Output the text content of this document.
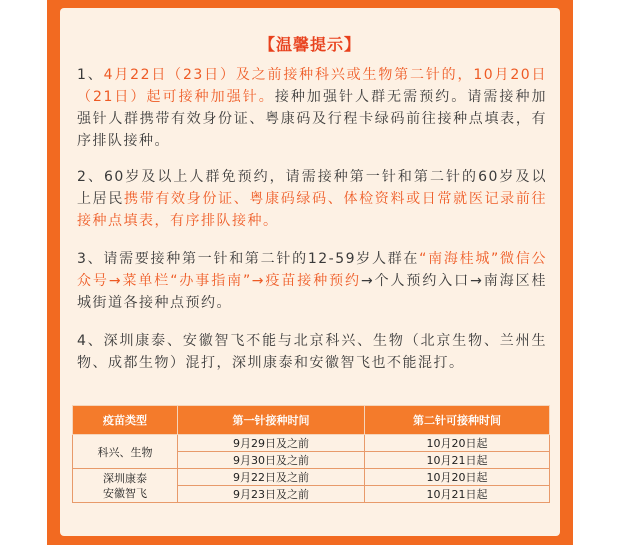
【温馨提示】

1、4月22日（23日）及之前接种科兴或生物第二针的，10月20日（21日）起可接种加强针。接种加强针人群无需预约。请需接种加强针人群携带有效身份证、粤康码及行程卡绿码前往接种点填表，有序排队接种。

2、60岁及以上人群免预约，请需接种第一针和第二针的60岁及以上居民携带有效身份证、粤康码绿码、体检资料或日常就医记录前往接种点填表，有序排队接种。

3、请需要接种第一针和第二针的12-59岁人群在“南海桂城”微信公众号→菜单栏“办事指南”→疫苗接种预约→个人预约入口→南海区桂城街道各接种点预约。

4、深圳康泰、安徽智飞不能与北京科兴、生物（北京生物、兰州生物、成都生物）混打，深圳康泰和安徽智飞也不能混打。

疫苗类型	第一针接种时间	第二针可接种时间
科兴、生物	9月29日及之前	10月20日起
	9月30日及之前	10月21日起
深圳康泰
安徽智飞	9月22日及之前	10月20日起
	9月23日及之前	10月21日起
